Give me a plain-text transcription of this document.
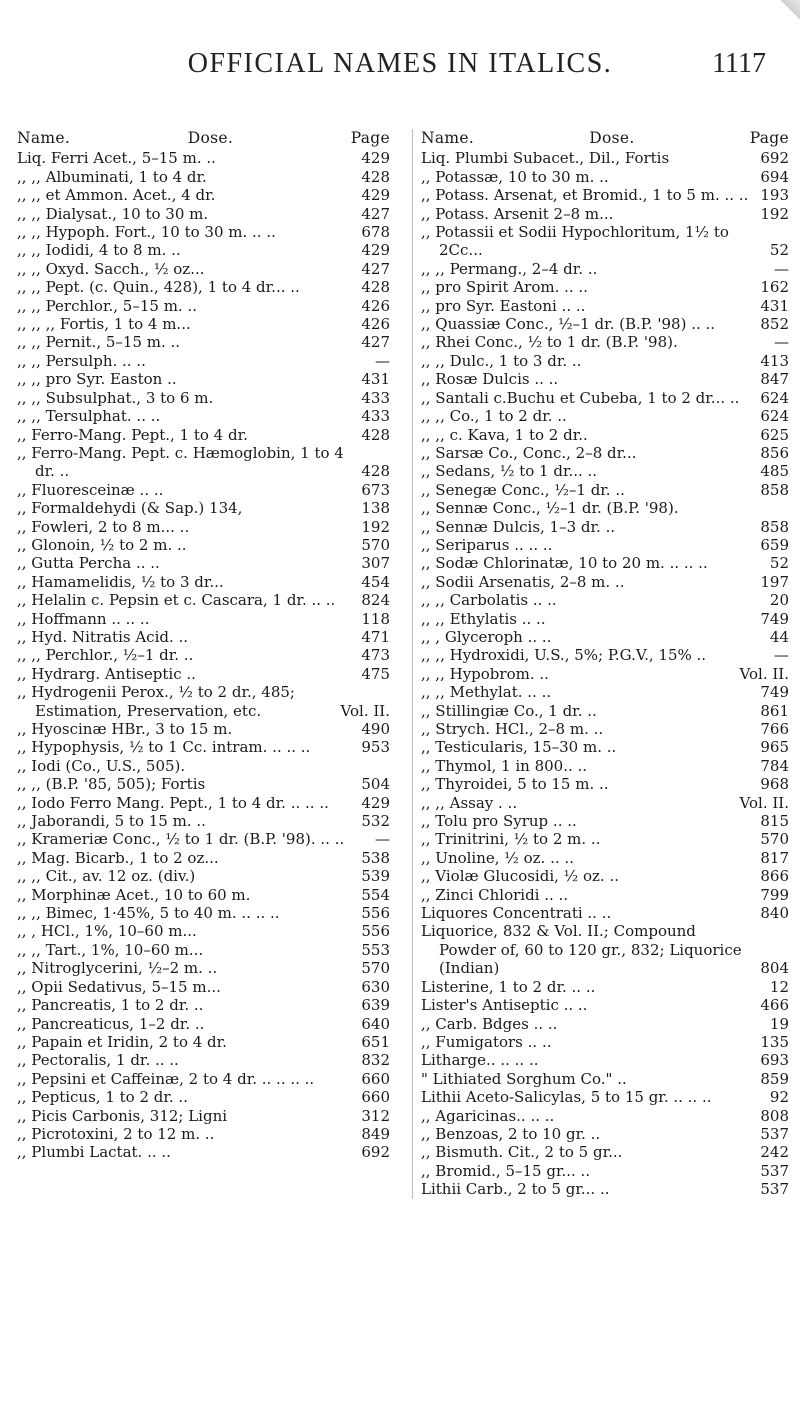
OFFICIAL NAMES IN ITALICS.	1117
Name.	Dose.	Page
Liq. Ferri Acet., 5–15 m. ..	429
,, ,, Albuminati, 1 to 4 dr.	428
,, ,, et Ammon. Acet., 4 dr.	429
,, ,, Dialysat., 10 to 30 m.	427
,, ,, Hypoph. Fort., 10 to 30 m. .. ..	678
,, ,, Iodidi, 4 to 8 m. ..	429
,, ,, Oxyd. Sacch., ½ oz...	427
,, ,, Pept. (c. Quin., 428), 1 to 4 dr... ..	428
,, ,, Perchlor., 5–15 m. ..	426
,, ,, ,, Fortis, 1 to 4 m...	426
,, ,, Pernit., 5–15 m. ..	427
,, ,, Persulph. .. ..	—
,, ,, pro Syr. Easton ..	431
,, ,, Subsulphat., 3 to 6 m.	433
,, ,, Tersulphat. .. ..	433
,, Ferro-Mang. Pept., 1 to 4 dr.	428
,, Ferro-Mang. Pept. c. Hæmoglobin, 1 to 4 dr. ..	428
,, Fluoresceinæ .. ..	673
,, Formaldehydi (& Sap.) 134,	138
,, Fowleri, 2 to 8 m... ..	192
,, Glonoin, ½ to 2 m. ..	570
,, Gutta Percha .. ..	307
,, Hamamelidis, ½ to 3 dr...	454
,, Helalin c. Pepsin et c. Cascara, 1 dr. .. ..	824
,, Hoffmann .. .. ..	118
,, Hyd. Nitratis Acid. ..	471
,, ,, Perchlor., ½–1 dr. ..	473
,, Hydrarg. Antiseptic ..	475
,, Hydrogenii Perox., ½ to 2 dr., 485; Estimation, Preservation, etc.	Vol. II.
,, Hyoscinæ HBr., 3 to 15 m.	490
,, Hypophysis, ½ to 1 Cc. intram. .. .. ..	953
,, Iodi (Co., U.S., 505).
,, ,, (B.P. '85, 505); Fortis	504
,, Iodo Ferro Mang. Pept., 1 to 4 dr. .. .. ..	429
,, Jaborandi, 5 to 15 m. ..	532
,, Krameriæ Conc., ½ to 1 dr. (B.P. '98). .. ..	—
,, Mag. Bicarb., 1 to 2 oz...	538
,, ,, Cit., av. 12 oz. (div.)	539
,, Morphinæ Acet., 10 to 60 m.	554
,, ,, Bimec, 1·45%, 5 to 40 m. .. .. ..	556
,, , HCl., 1%, 10–60 m...	556
,, ,, Tart., 1%, 10–60 m...	553
,, Nitroglycerini, ½–2 m. ..	570
,, Opii Sedativus, 5–15 m...	630
,, Pancreatis, 1 to 2 dr. ..	639
,, Pancreaticus, 1–2 dr. ..	640
,, Papain et Iridin, 2 to 4 dr.	651
,, Pectoralis, 1 dr. .. ..	832
,, Pepsini et Caffeinæ, 2 to 4 dr. .. .. .. ..	660
,, Pepticus, 1 to 2 dr. ..	660
,, Picis Carbonis, 312; Ligni	312
,, Picrotoxini, 2 to 12 m. ..	849
,, Plumbi Lactat. .. ..	692
Name.	Dose.	Page
Liq. Plumbi Subacet., Dil., Fortis	692
,, Potassæ, 10 to 30 m. ..	694
,, Potass. Arsenat, et Bromid., 1 to 5 m. .. .. 193
,, Potass. Arsenit 2–8 m...	192
,, Potassii et Sodii Hypochloritum, 1½ to 2Cc...	52
,, ,, Permang., 2–4 dr. ..	—
,, pro Spirit Arom. .. ..	162
,, pro Syr. Eastoni .. ..	431
,, Quassiæ Conc., ½–1 dr. (B.P. '98) .. ..	852
,, Rhei Conc., ½ to 1 dr. (B.P. '98).	—
,, ,, Dulc., 1 to 3 dr. ..	413
,, Rosæ Dulcis .. ..	847
,, Santali c.Buchu et Cubeba, 1 to 2 dr... ..	624
,, ,, Co., 1 to 2 dr. ..	624
,, ,, c. Kava, 1 to 2 dr..	625
,, Sarsæ Co., Conc., 2–8 dr...	856
,, Sedans, ½ to 1 dr... ..	485
,, Senegæ Conc., ½–1 dr. ..	858
,, Sennæ Conc., ½–1 dr. (B.P. '98).
,, Sennæ Dulcis, 1–3 dr. ..	858
,, Seriparus .. .. ..	659
,, Sodæ Chlorinatæ, 10 to 20 m. .. .. ..	52
,, Sodii Arsenatis, 2–8 m. ..	197
,, ,, Carbolatis .. ..	20
,, ,, Ethylatis .. ..	749
,, , Glyceroph .. ..	44
,, ,, Hydroxidi, U.S., 5%; P.G.V., 15% ..	—
,, ,, Hypobrom. ..	Vol. II.
,, ,, Methylat. .. ..	749
,, Stillingiæ Co., 1 dr. ..	861
,, Strych. HCl., 2–8 m. ..	766
,, Testicularis, 15–30 m. ..	965
,, Thymol, 1 in 800.. ..	784
,, Thyroidei, 5 to 15 m. ..	968
,, ,, Assay . ..	Vol. II.
,, Tolu pro Syrup .. ..	815
,, Trinitrini, ½ to 2 m. ..	570
,, Unoline, ½ oz. .. ..	817
,, Violæ Glucosidi, ½ oz. ..	866
,, Zinci Chloridi .. ..	799
Liquores Concentrati .. ..	840
Liquorice, 832 & Vol. II.; Compound Powder of, 60 to 120 gr., 832; Liquorice (Indian)	804
Listerine, 1 to 2 dr. .. ..	12
Lister's Antiseptic .. ..	466
,, Carb. Bdges .. ..	19
,, Fumigators .. ..	135
Litharge.. .. .. ..	693
" Lithiated Sorghum Co." ..	859
Lithii Aceto-Salicylas, 5 to 15 gr. .. .. ..	92
,, Agaricinas.. .. ..	808
,, Benzoas, 2 to 10 gr. ..	537
,, Bismuth. Cit., 2 to 5 gr...	242
,, Bromid., 5–15 gr... ..	537
Lithii Carb., 2 to 5 gr... ..	537
